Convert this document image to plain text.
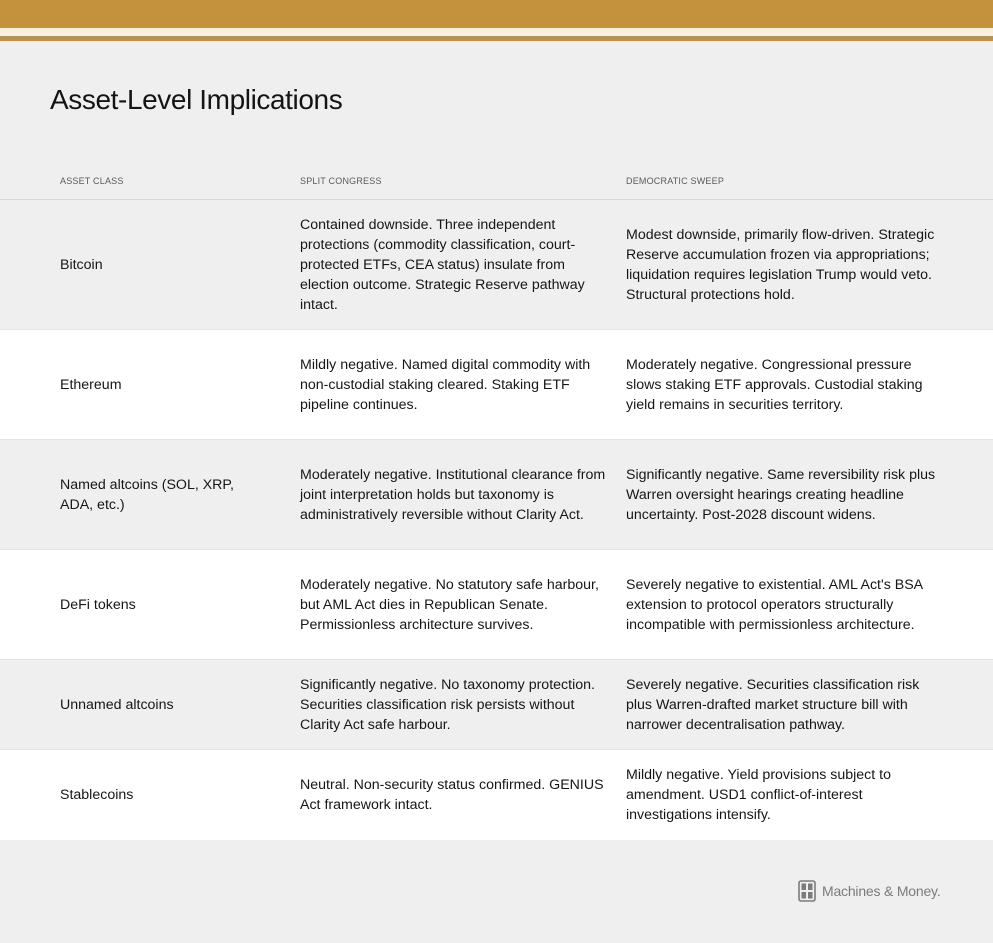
Asset-Level Implications
ASSET CLASS	SPLIT CONGRESS	DEMOCRATIC SWEEP
Bitcoin
Contained downside. Three independent protections (commodity classification, court-protected ETFs, CEA status) insulate from election outcome. Strategic Reserve pathway intact.
Modest downside, primarily flow-driven. Strategic Reserve accumulation frozen via appropriations; liquidation requires legislation Trump would veto. Structural protections hold.
Ethereum
Mildly negative. Named digital commodity with non-custodial staking cleared. Staking ETF pipeline continues.
Moderately negative. Congressional pressure slows staking ETF approvals. Custodial staking yield remains in securities territory.
Named altcoins (SOL, XRP, ADA, etc.)
Moderately negative. Institutional clearance from joint interpretation holds but taxonomy is administratively reversible without Clarity Act.
Significantly negative. Same reversibility risk plus Warren oversight hearings creating headline uncertainty. Post-2028 discount widens.
DeFi tokens
Moderately negative. No statutory safe harbour, but AML Act dies in Republican Senate. Permissionless architecture survives.
Severely negative to existential. AML Act's BSA extension to protocol operators structurally incompatible with permissionless architecture.
Unnamed altcoins
Significantly negative. No taxonomy protection. Securities classification risk persists without Clarity Act safe harbour.
Severely negative. Securities classification risk plus Warren-drafted market structure bill with narrower decentralisation pathway.
Stablecoins
Neutral. Non-security status confirmed. GENIUS Act framework intact.
Mildly negative. Yield provisions subject to amendment. USD1 conflict-of-interest investigations intensify.
Machines & Money.
